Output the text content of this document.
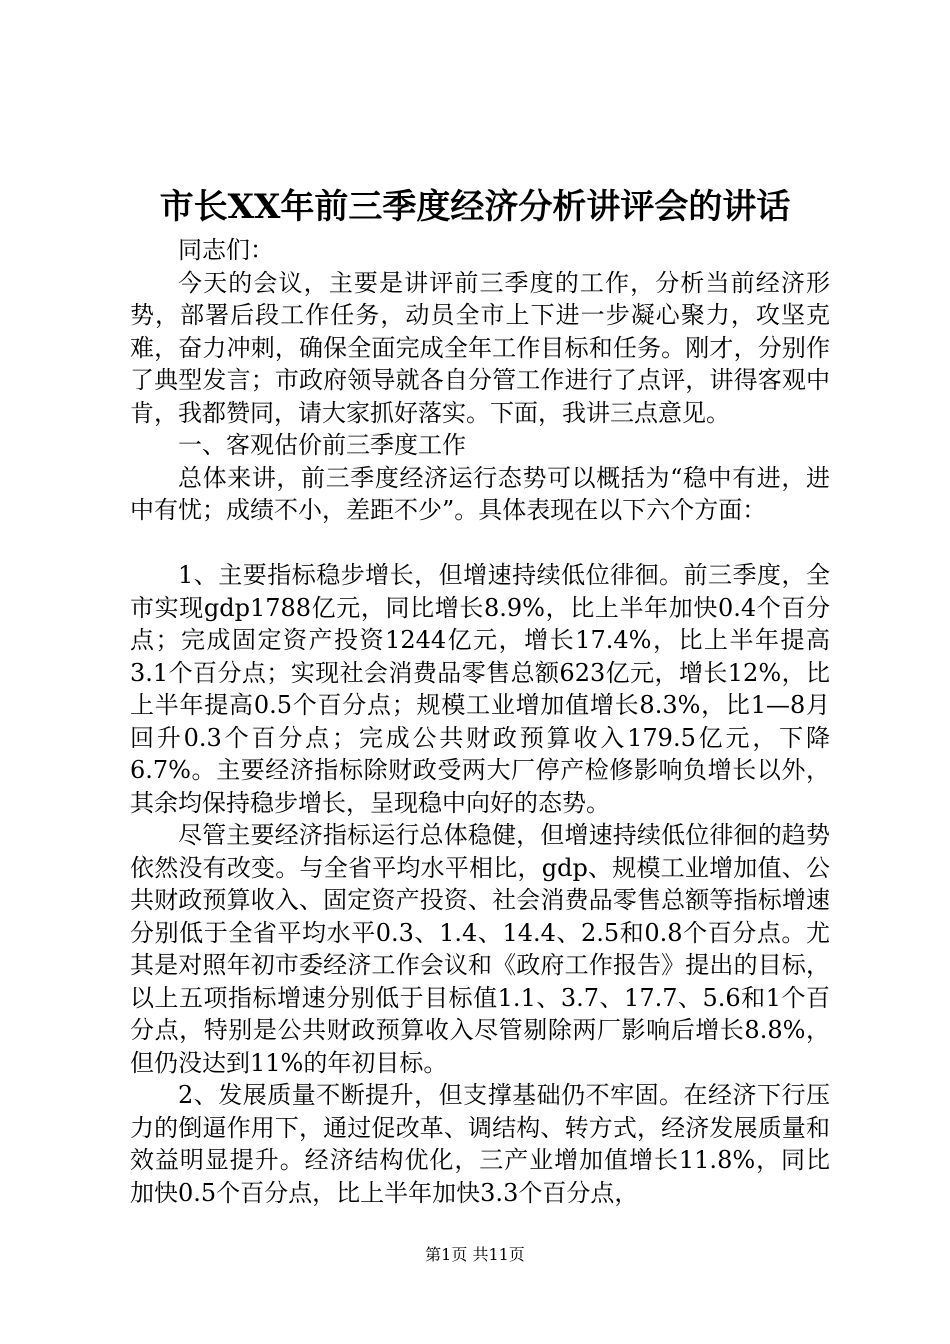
市长XX年前三季度经济分析讲评会的讲话

同志们：

今天的会议，主要是讲评前三季度的工作，分析当前经济形势，部署后段工作任务，动员全市上下进一步凝心聚力，攻坚克难，奋力冲刺，确保全面完成全年工作目标和任务。刚才，分别作了典型发言；市政府领导就各自分管工作进行了点评，讲得客观中肯，我都赞同，请大家抓好落实。下面，我讲三点意见。

一、客观估价前三季度工作

总体来讲，前三季度经济运行态势可以概括为“稳中有进，进中有忧；成绩不小，差距不少”。具体表现在以下六个方面：

1、主要指标稳步增长，但增速持续低位徘徊。前三季度，全市实现gdp1788亿元，同比增长8.9%，比上半年加快0.4个百分点；完成固定资产投资1244亿元，增长17.4%，比上半年提高3.1个百分点；实现社会消费品零售总额623亿元，增长12%，比上半年提高0.5个百分点；规模工业增加值增长8.3%，比1—8月回升0.3个百分点；完成公共财政预算收入179.5亿元，下降6.7%。主要经济指标除财政受两大厂停产检修影响负增长以外，其余均保持稳步增长，呈现稳中向好的态势。

尽管主要经济指标运行总体稳健，但增速持续低位徘徊的趋势依然没有改变。与全省平均水平相比，gdp、规模工业增加值、公共财政预算收入、固定资产投资、社会消费品零售总额等指标增速分别低于全省平均水平0.3、1.4、14.4、2.5和0.8个百分点。尤其是对照年初市委经济工作会议和《政府工作报告》提出的目标，以上五项指标增速分别低于目标值1.1、3.7、17.7、5.6和1个百分点，特别是公共财政预算收入尽管剔除两厂影响后增长8.8%，但仍没达到11%的年初目标。

2、发展质量不断提升，但支撑基础仍不牢固。在经济下行压力的倒逼作用下，通过促改革、调结构、转方式，经济发展质量和效益明显提升。经济结构优化，三产业增加值增长11.8%，同比加快0.5个百分点，比上半年加快3.3个百分点，

第1页 共11页
